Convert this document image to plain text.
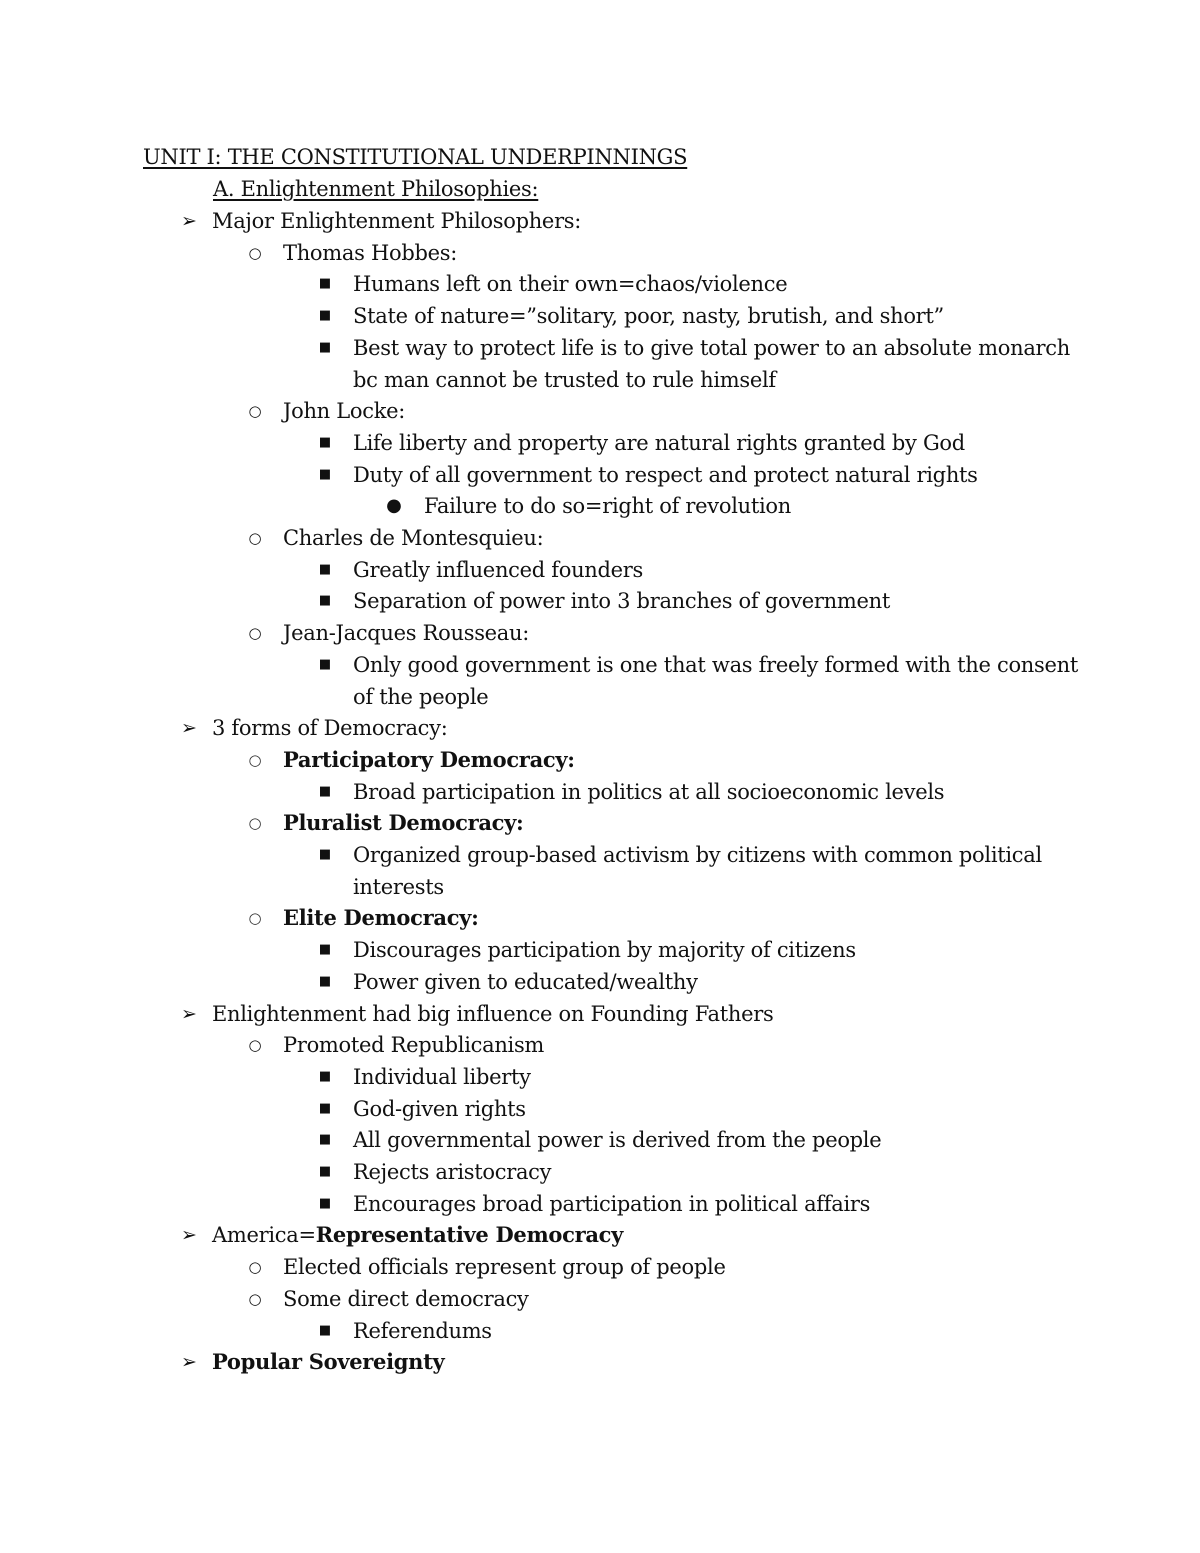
UNIT I: THE CONSTITUTIONAL UNDERPINNINGS
A. Enlightenment Philosophies:
➢ Major Enlightenment Philosophers:
○	Thomas Hobbes:
■	Humans left on their own=chaos/violence
■	State of nature=”solitary, poor, nasty, brutish, and short”
■	Best way to protect life is to give total power to an absolute monarch
bc man cannot be trusted to rule himself
○	John Locke:
■	Life liberty and property are natural rights granted by God
■	Duty of all government to respect and protect natural rights
● Failure to do so=right of revolution
○	Charles de Montesquieu:
■	Greatly influenced founders
■	Separation of power into 3 branches of government
○	Jean-Jacques Rousseau:
■	Only good government is one that was freely formed with the consent
of the people
➢ 3 forms of Democracy:
○	Participatory Democracy:
■	Broad participation in politics at all socioeconomic levels
○	Pluralist Democracy:
■	Organized group-based activism by citizens with common political
interests
○	Elite Democracy:
■	Discourages participation by majority of citizens
■	Power given to educated/wealthy
➢ Enlightenment had big influence on Founding Fathers
○	Promoted Republicanism
■	Individual liberty
■	God-given rights
■	All governmental power is derived from the people
■	Rejects aristocracy
■	Encourages broad participation in political affairs
➢ America=Representative Democracy
○	Elected officials represent group of people
○	Some direct democracy
■	Referendums
➢ Popular Sovereignty
